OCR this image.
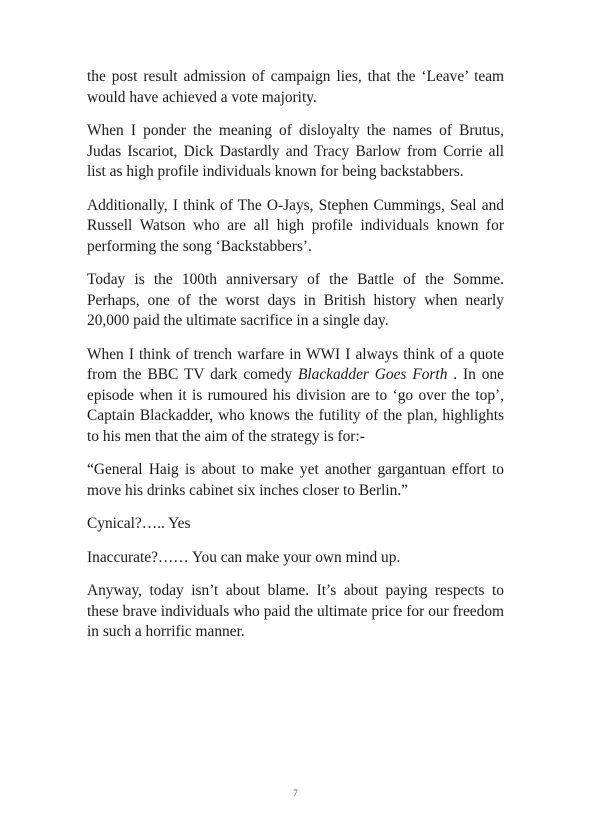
the post result admission of campaign lies, that the ‘Leave’ team would have achieved a vote majority.

When I ponder the meaning of disloyalty the names of Brutus, Judas Iscariot, Dick Dastardly and Tracy Barlow from Corrie all list as high profile individuals known for being backstabbers.

Additionally, I think of The O-Jays, Stephen Cummings, Seal and Russell Watson who are all high profile individuals known for performing the song ‘Backstabbers’.

Today is the 100th anniversary of the Battle of the Somme. Perhaps, one of the worst days in British history when nearly 20,000 paid the ultimate sacrifice in a single day.

When I think of trench warfare in WWI I always think of a quote from the BBC TV dark comedy Blackadder Goes Forth . In one episode when it is rumoured his division are to ‘go over the top’, Captain Blackadder, who knows the futility of the plan, highlights to his men that the aim of the strategy is for:-

“General Haig is about to make yet another gargantuan effort to move his drinks cabinet six inches closer to Berlin.”

Cynical?….. Yes

Inaccurate?…… You can make your own mind up.

Anyway, today isn’t about blame. It’s about paying respects to these brave individuals who paid the ultimate price for our freedom in such a horrific manner.

7
